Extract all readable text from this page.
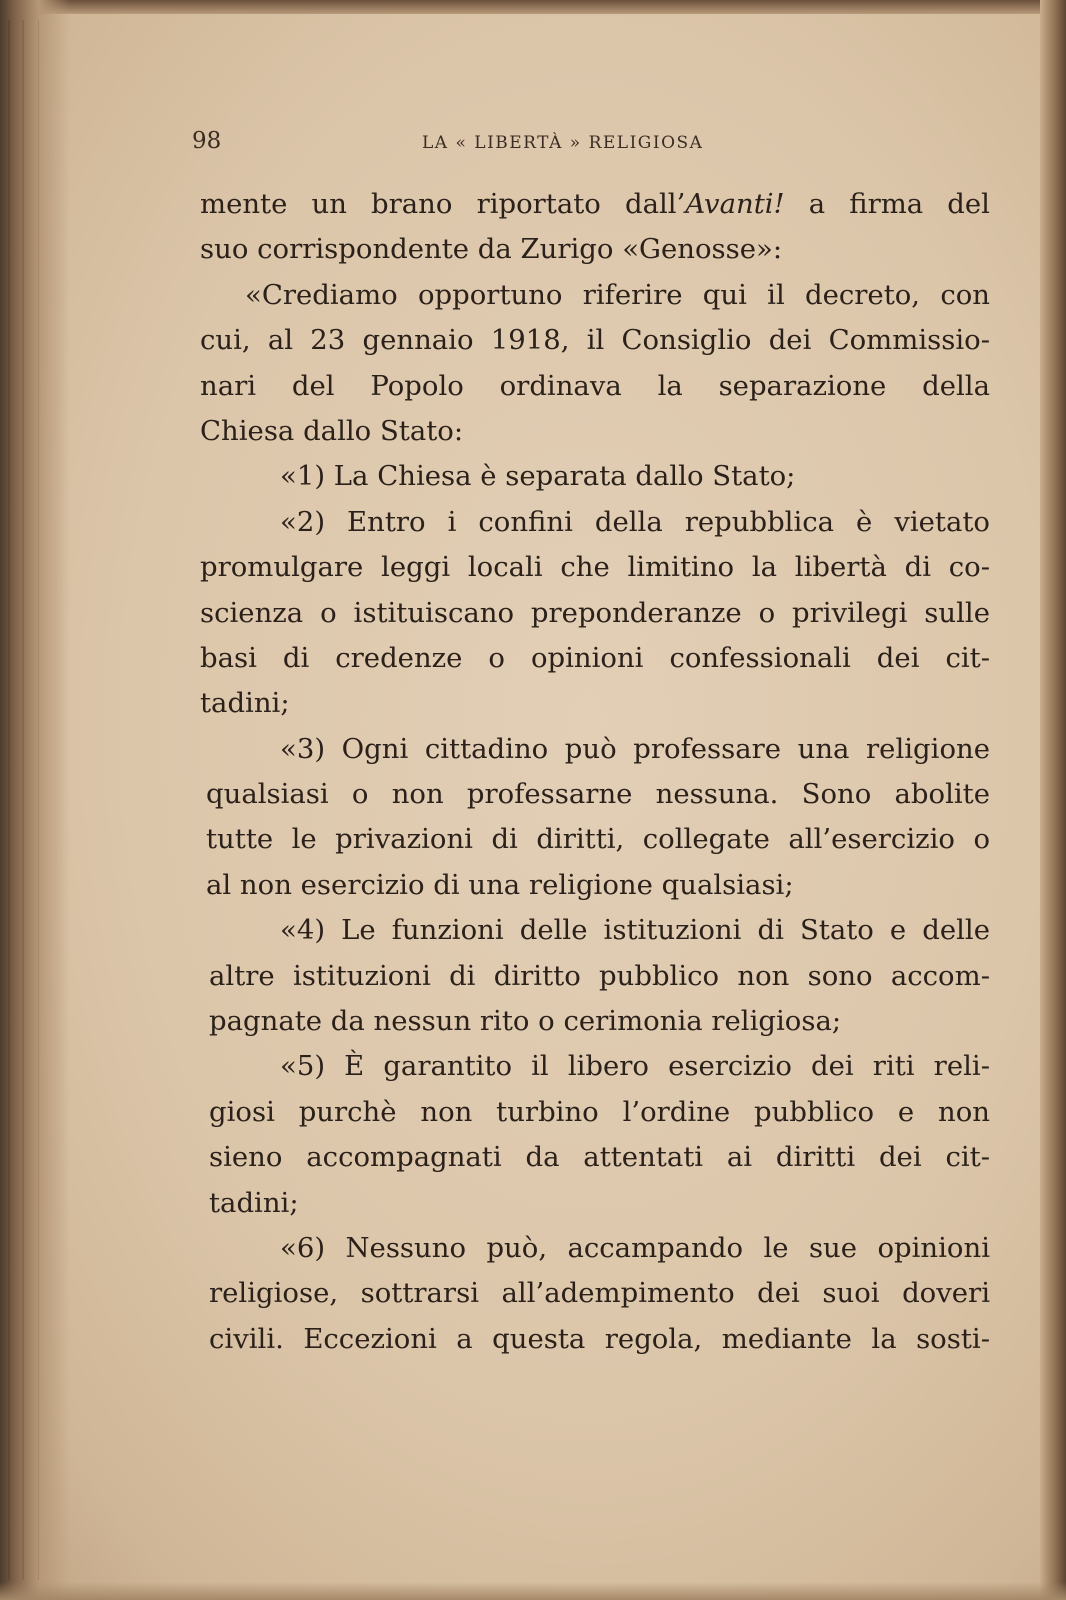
98	LA « LIBERTÀ » RELIGIOSA
mente un brano riportato dall’Avanti! a firma del
suo corrispondente da Zurigo «Genosse»:
«Crediamo opportuno riferire qui il decreto, con
cui, al 23 gennaio 1918, il Consiglio dei Commissio-
nari del Popolo ordinava la separazione della
Chiesa dallo Stato:
«1) La Chiesa è separata dallo Stato;
«2) Entro i confini della repubblica è vietato
promulgare leggi locali che limitino la libertà di co-
scienza o istituiscano preponderanze o privilegi sulle
basi di credenze o opinioni confessionali dei cit-
tadini;
«3) Ogni cittadino può professare una religione
qualsiasi o non professarne nessuna. Sono abolite
tutte le privazioni di diritti, collegate all’esercizio o
al non esercizio di una religione qualsiasi;
«4) Le funzioni delle istituzioni di Stato e delle
altre istituzioni di diritto pubblico non sono accom-
pagnate da nessun rito o cerimonia religiosa;
«5) È garantito il libero esercizio dei riti reli-
giosi purchè non turbino l’ordine pubblico e non
sieno accompagnati da attentati ai diritti dei cit-
tadini;
«6) Nessuno può, accampando le sue opinioni
religiose, sottrarsi all’adempimento dei suoi doveri
civili. Eccezioni a questa regola, mediante la sosti-
